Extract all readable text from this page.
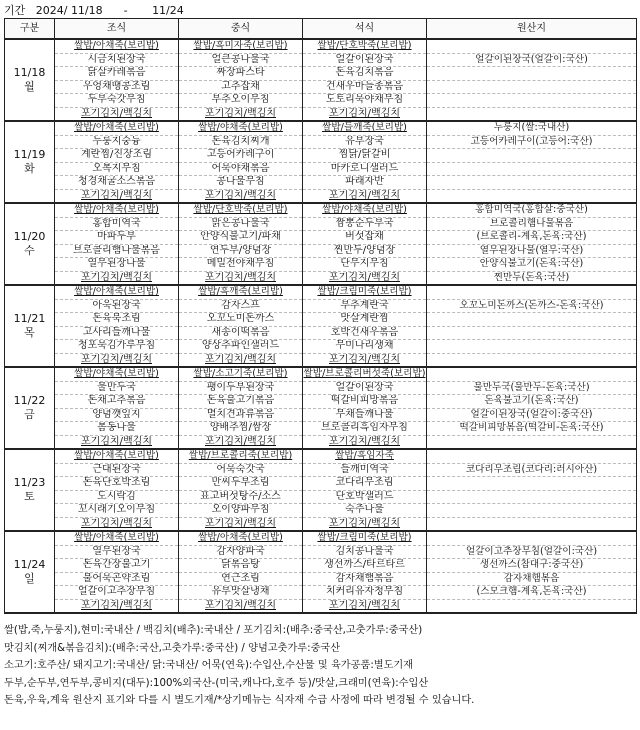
기간   2024/ 11/18      -       11/24
구분	조식	중식	석식	원산지
11/18
월	쌀밥/아채죽(보리밥)	쌀밥/흑미자죽(보리밥)	쌀밥/단호박죽(보리밥)	
	시금치된장국	얼큰콩나물국	얼갈이된장국	얼갈이된장국(얼갈이:국산)
	닭살카레볶음	짜장파스타	돈육김치볶음	
	우엉채땡콩조림	고추잡채	건새우마늘종볶음	
	두부숙갓무침	부추오이무침	도토리묵야채무침	
	포기김치/백김치	포기김치/백김치	포기김치/백김치	
11/19
화	쌀밥/아채죽(보리밥)	쌀밥/야채죽(보리밥)	쌀밥/들깨죽(보리밥)	누룽지(쌀:국내산)
	누룽지숭늉	돈육김치찌개	유부장국	고등어카레구이(고등어:국산)
	계란찜/진장조림	고등어카레구이	찜닭/닭갈비	
	오복지무침	어묵야채볶음	마카로니샐러드	
	청경채굴소스볶음	콩나물무침	파래자반	
	포기김치/백김치	포기김치/백김치	포기김치/백김치	
11/20
수	쌀밥/아채죽(보리밥)	쌀밥/단호박죽(보리밥)	쌀밥/야채죽(보리밥)	홍합미역국(홍합살:중국산)
	홍합미역국	맑은콩나물국	짬뽕순두부국	브로콜리햄나물볶음
	마파두부	안양식불고기/파채	버섯잡채	(브로콜리-계육,돈육:국산)
	브로콜리햄나물볶음	연두부/양념장	찐만두/양념장	열무된장나물(열무:국산)
	열무된장나물	메밀전야채무침	단무지무침	안양식불고기(돈육:국산)
	포기김치/백김치	포기김치/백김치	포기김치/백김치	찐만두(돈육:국산)
11/21
목	쌀밥/아채죽(보리밥)	쌀밥/흑깨죽(보리밥)	쌀밥/크림미죽(보리밥)	
	아욱된장국	감자스프	부추계란국	오꼬노미돈까스(돈까스-돈육:국산)
	돈육북조림	오꼬노미돈까스	맛살계란찜	
	고사리들깨나물	새송이떡볶음	호박건새우볶음	
	청포묵김가루무침	양상추파인샐러드	무미나리생채	
	포기김치/백김치	포기김치/백김치	포기김치/백김치	
11/22
금	쌀밥/야채죽(보리밥)	쌀밥/소고기죽(보리밥)	쌀밥/브로콜리버섯죽(보리밥)	
	물만두국	팽이두부된장국	얼갈이된장국	물만두국(물만두-돈육:국산)
	돈채고추볶음	돈육불고기볶음	떡갈비피망볶음	돈육불고기(돈육:국산)
	양념깻잎지	멸치견과류볶음	무채들깨나물	얼갈이된장국(얼갈이:중국산)
	봄동나물	양배추찜/쌈장	브로콜리흑임자무침	떡갈비피망볶음(떡갈비-돈육:국산)
	포기김치/백김치	포기김치/백김치	포기김치/백김치	
11/23
토	쌀밥/아채죽(보리밥)	쌀밥/브로콜리죽(보리밥)	쌀밥/흑임자죽	
	근대된장국	어묵숙갓국	들깨미역국	코다리무조림(코다리:러시아산)
	돈육단호박조림	만씨두부조림	코다리무조림	
	도시락김	표고버섯탕수/소스	단호박샐러드	
	꼬시래기오이무침	오이양파무침	숙주나물	
	포기김치/백김치	포기김치/백김치	포기김치/백김치	
11/24
일	쌀밥/아채죽(보리밥)	쌀밥/아채죽(보리밥)	쌀밥/크림미죽(보리밥)	
	열무된장국	감자양파국	김치콩나물국	얼갈이고추장무침(얼갈이:국산)
	돈육간장불고기	닭볶음탕	생선까스/타르타르	생선까스(참대구:중국산)
	불어묵곤약조림	연근조림	감자채햄볶음	감자채햄볶음
	얼갈이고추장무침	유부맛살냉채	치커리유자청무침	(스모크햄-계육,돈육:국산)
	포기김치/백김치	포기김치/백김치	포기김치/백김치	
쌀(밥,죽,누룽지),현미:국내산 / 백김치(배추):국내산 / 포기김치:(배추:중국산,고춧가루:중국산)
맛김치(찌개&볶음김치):(배추:국산,고춧가루:중국산) / 양념고춧가루:중국산
소고기:호주산/ 돼지고기:국내산/ 닭:국내산/ 어묵(연육):수입산,수산물 및 육가공품:별도기재
두부,순두부,연두부,콩비지(대두):100%외국산-(미국,캐나다,호주 등)/맛살,크래미(연육):수입산
돈육,우육,계육 원산지 표기와 다를 시 별도기재/*상기메뉴는 식자재 수급 사정에 따라 변경될 수 있습니다.
